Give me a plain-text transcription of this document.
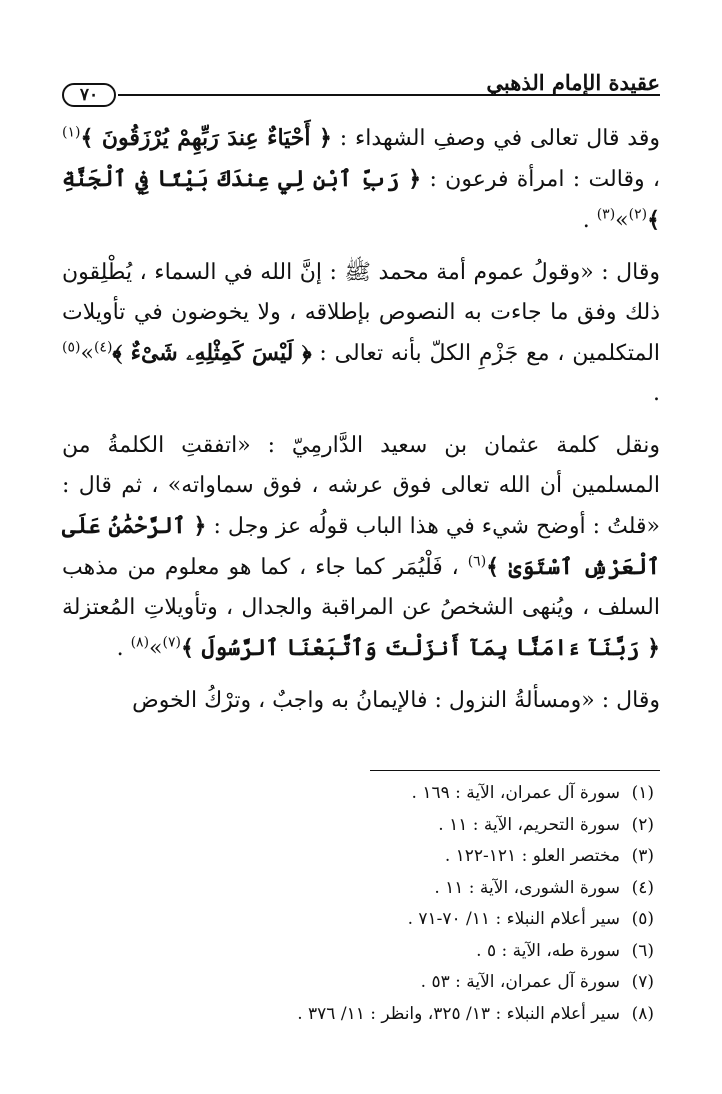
عقيدة الإمام الذهبي
٧٠

وقد قال تعالى في وصفِ الشهداء : ﴿ أَحْيَاءٌ عِندَ رَبِّهِمْ يُرْزَقُونَ ﴾$^{(١)}$ ، وقالت : امرأة فرعون : ﴿ رَبِّ ٱبْنِ لِي عِندَكَ بَيْتًا فِي ٱلْجَنَّةِ ﴾$^{(٢)}$»$^{(٣)}$ .

وقال : «وقولُ عموم أمة محمد ﷺ : إنَّ الله في السماء ، يُطْلِقون ذلك وفق ما جاءت به النصوص بإطلاقه ، ولا يخوضون في تأويلات المتكلمين ، مع جَزْمِ الكلّ بأنه تعالى : ﴿ لَيْسَ كَمِثْلِهِۦ شَىْءٌ ﴾$^{(٤)}$»$^{(٥)}$ .

ونقل كلمة عثمان بن سعيد الدَّارمِيّ : «اتفقتِ الكلمةُ من المسلمين أن الله تعالى فوق عرشه ، فوق سماواته» ، ثم قال : «قلتُ : أوضح شيء في هذا الباب قولُه عز وجل : ﴿ ٱلرَّحْمَٰنُ عَلَى ٱلْعَرْشِ ٱسْتَوَىٰ ﴾$^{(٦)}$ ، فَلْيُمَر كما جاء ، كما هو معلوم من مذهب السلف ، ويُنهى الشخصُ عن المراقبة والجدال ، وتأويلاتِ المُعتزلة ﴿ رَبَّنَآ ءَامَنَّا بِمَآ أَنزَلْتَ وَٱتَّبَعْنَا ٱلرَّسُولَ ﴾$^{(٧)}$»$^{(٨)}$ .

وقال : «ومسألةُ النزول : فالإيمانُ به واجبٌ ، وترْكُ الخوض

(١)سورة آل عمران، الآية : ١٦٩ .
(٢)سورة التحريم، الآية : ١١ .
(٣)مختصر العلو : ١٢١-١٢٢ .
(٤)سورة الشورى، الآية : ١١ .
(٥)سير أعلام النبلاء : ١١/ ٧٠-٧١ .
(٦)سورة طه، الآية : ٥ .
(٧)سورة آل عمران، الآية : ٥٣ .
(٨)سير أعلام النبلاء : ١٣/ ٣٢٥، وانظر : ١١/ ٣٧٦ .
